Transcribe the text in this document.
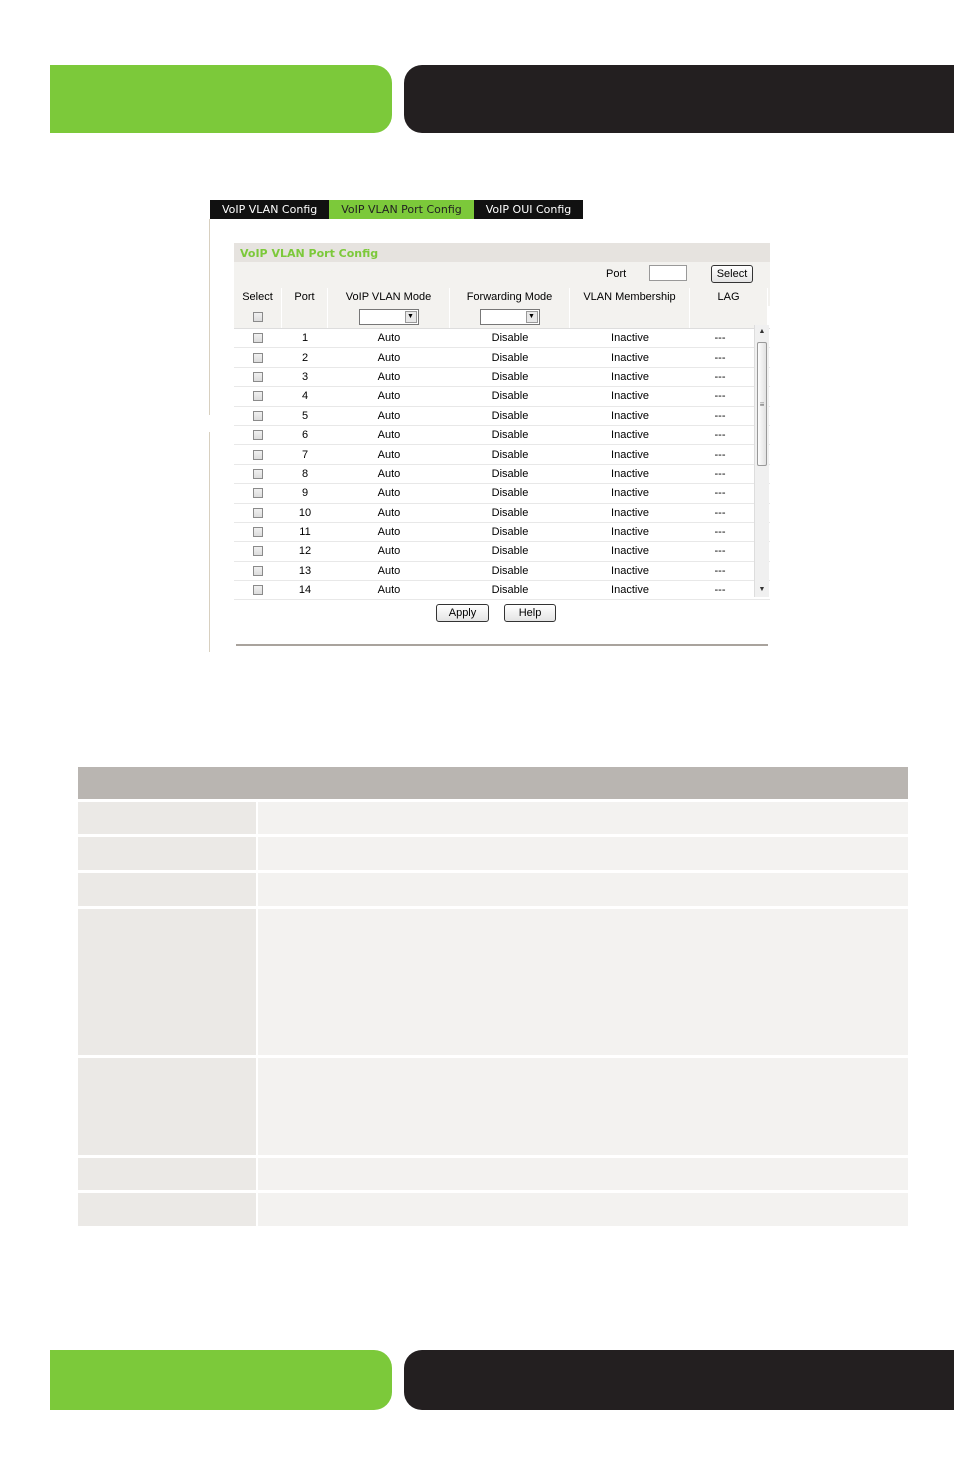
VoIP VLAN Config	VoIP VLAN Port Config	VoIP OUI Config
VoIP VLAN Port Config
Port	Select
Select	Port	VoIP VLAN Mode	Forwarding Mode	VLAN Membership	LAG
▼	▼
1	Auto	Disable	Inactive	---
2	Auto	Disable	Inactive	---
3	Auto	Disable	Inactive	---
4	Auto	Disable	Inactive	---
5	Auto	Disable	Inactive	---
6	Auto	Disable	Inactive	---
7	Auto	Disable	Inactive	---
8	Auto	Disable	Inactive	---
9	Auto	Disable	Inactive	---
10	Auto	Disable	Inactive	---
11	Auto	Disable	Inactive	---
12	Auto	Disable	Inactive	---
13	Auto	Disable	Inactive	---
14	Auto	Disable	Inactive	---
▲
≡
▼
Apply	Help
